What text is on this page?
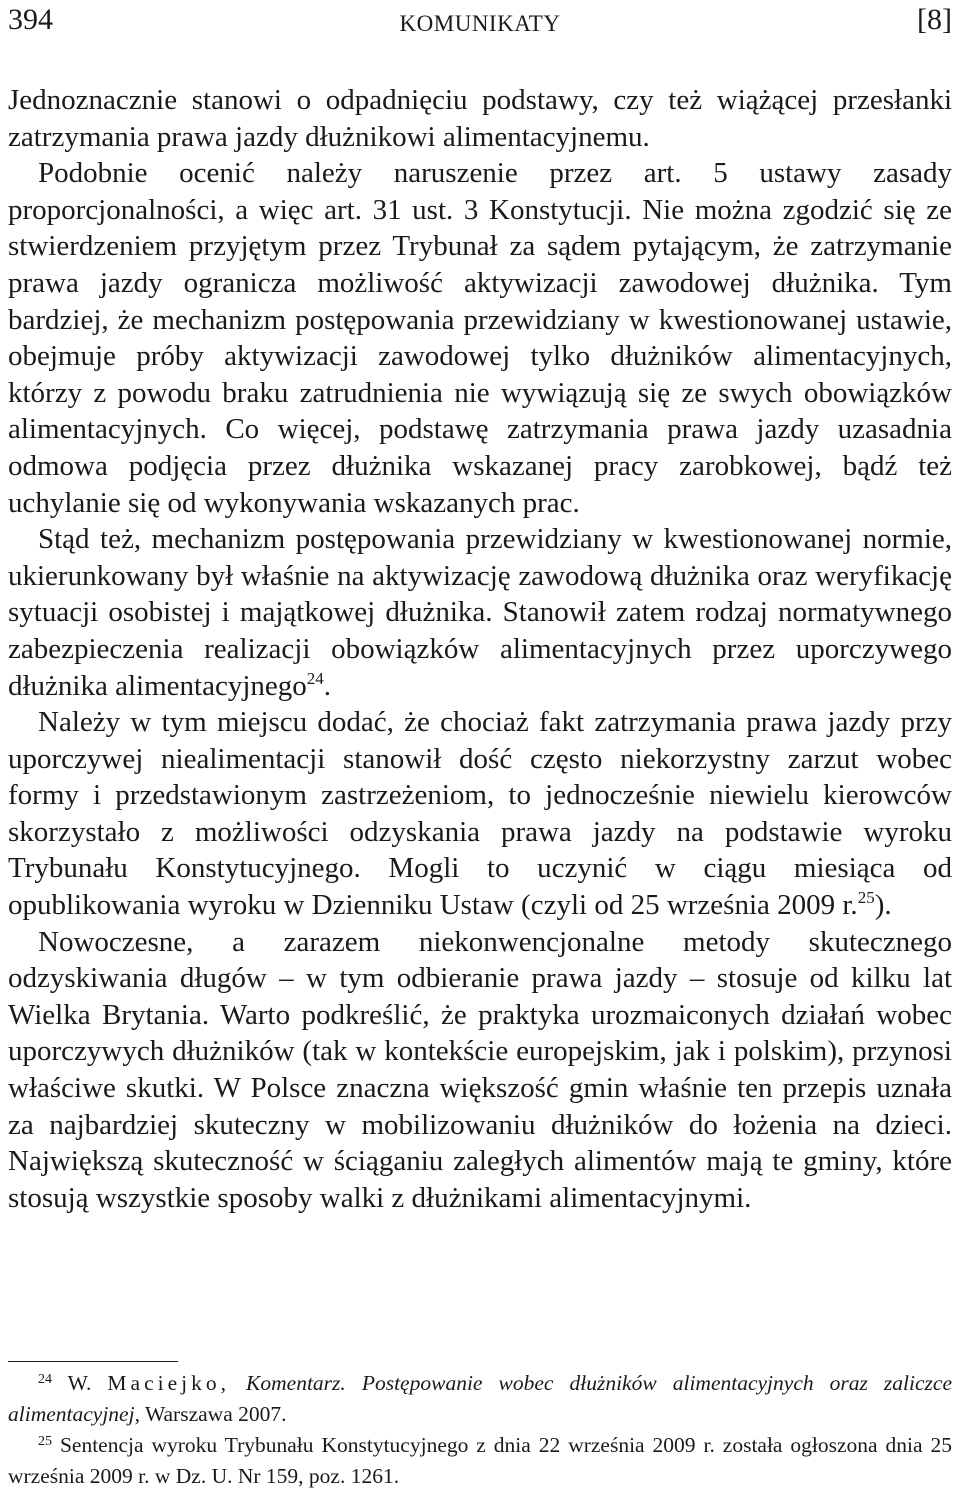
394	KOMUNIKATY	[8]

Jednoznacznie stanowi o odpadnięciu podstawy, czy też wiążącej przesłanki zatrzymania prawa jazdy dłużnikowi alimentacyjnemu.

Podobnie ocenić należy naruszenie przez art. 5 ustawy zasady proporcjonalności, a więc art. 31 ust. 3 Konstytucji. Nie można zgodzić się ze stwierdzeniem przyjętym przez Trybunał za sądem pytającym, że zatrzymanie prawa jazdy ogranicza możliwość aktywizacji zawodowej dłużnika. Tym bardziej, że mechanizm postępowania przewidziany w kwestionowanej ustawie, obejmuje próby aktywizacji zawodowej tylko dłużników alimentacyjnych, którzy z powodu braku zatrudnienia nie wywiązują się ze swych obowiązków alimentacyjnych. Co więcej, podstawę zatrzymania prawa jazdy uzasadnia odmowa podjęcia przez dłużnika wskazanej pracy zarobkowej, bądź też uchylanie się od wykonywania wskazanych prac.

Stąd też, mechanizm postępowania przewidziany w kwestionowanej normie, ukierunkowany był właśnie na aktywizację zawodową dłużnika oraz weryfikację sytuacji osobistej i majątkowej dłużnika. Stanowił zatem rodzaj normatywnego zabezpieczenia realizacji obowiązków alimentacyjnych przez uporczywego dłużnika alimentacyjnego$^{24}$.

Należy w tym miejscu dodać, że chociaż fakt zatrzymania prawa jazdy przy uporczywej niealimentacji stanowił dość często niekorzystny zarzut wobec formy i przedstawionym zastrzeżeniom, to jednocześnie niewielu kierowców skorzystało z możliwości odzyskania prawa jazdy na podstawie wyroku Trybunału Konstytucyjnego. Mogli to uczynić w ciągu miesiąca od opublikowania wyroku w Dzienniku Ustaw (czyli od 25 września 2009 r.$^{25}$).

Nowoczesne, a zarazem niekonwencjonalne metody skutecznego odzyskiwania długów – w tym odbieranie prawa jazdy – stosuje od kilku lat Wielka Brytania. Warto podkreślić, że praktyka urozmaiconych działań wobec uporczywych dłużników (tak w kontekście europejskim, jak i polskim), przynosi właściwe skutki. W Polsce znaczna większość gmin właśnie ten przepis uznała za najbardziej skuteczny w mobilizowaniu dłużników do łożenia na dzieci. Największą skuteczność w ściąganiu zaległych alimentów mają te gminy, które stosują wszystkie sposoby walki z dłużnikami alimentacyjnymi.

$^{24}$ W. Maciejko, Komentarz. Postępowanie wobec dłużników alimentacyjnych oraz zaliczce alimentacyjnej, Warszawa 2007.

$^{25}$ Sentencja wyroku Trybunału Konstytucyjnego z dnia 22 września 2009 r. została ogłoszona dnia 25 września 2009 r. w Dz. U. Nr 159, poz. 1261.
